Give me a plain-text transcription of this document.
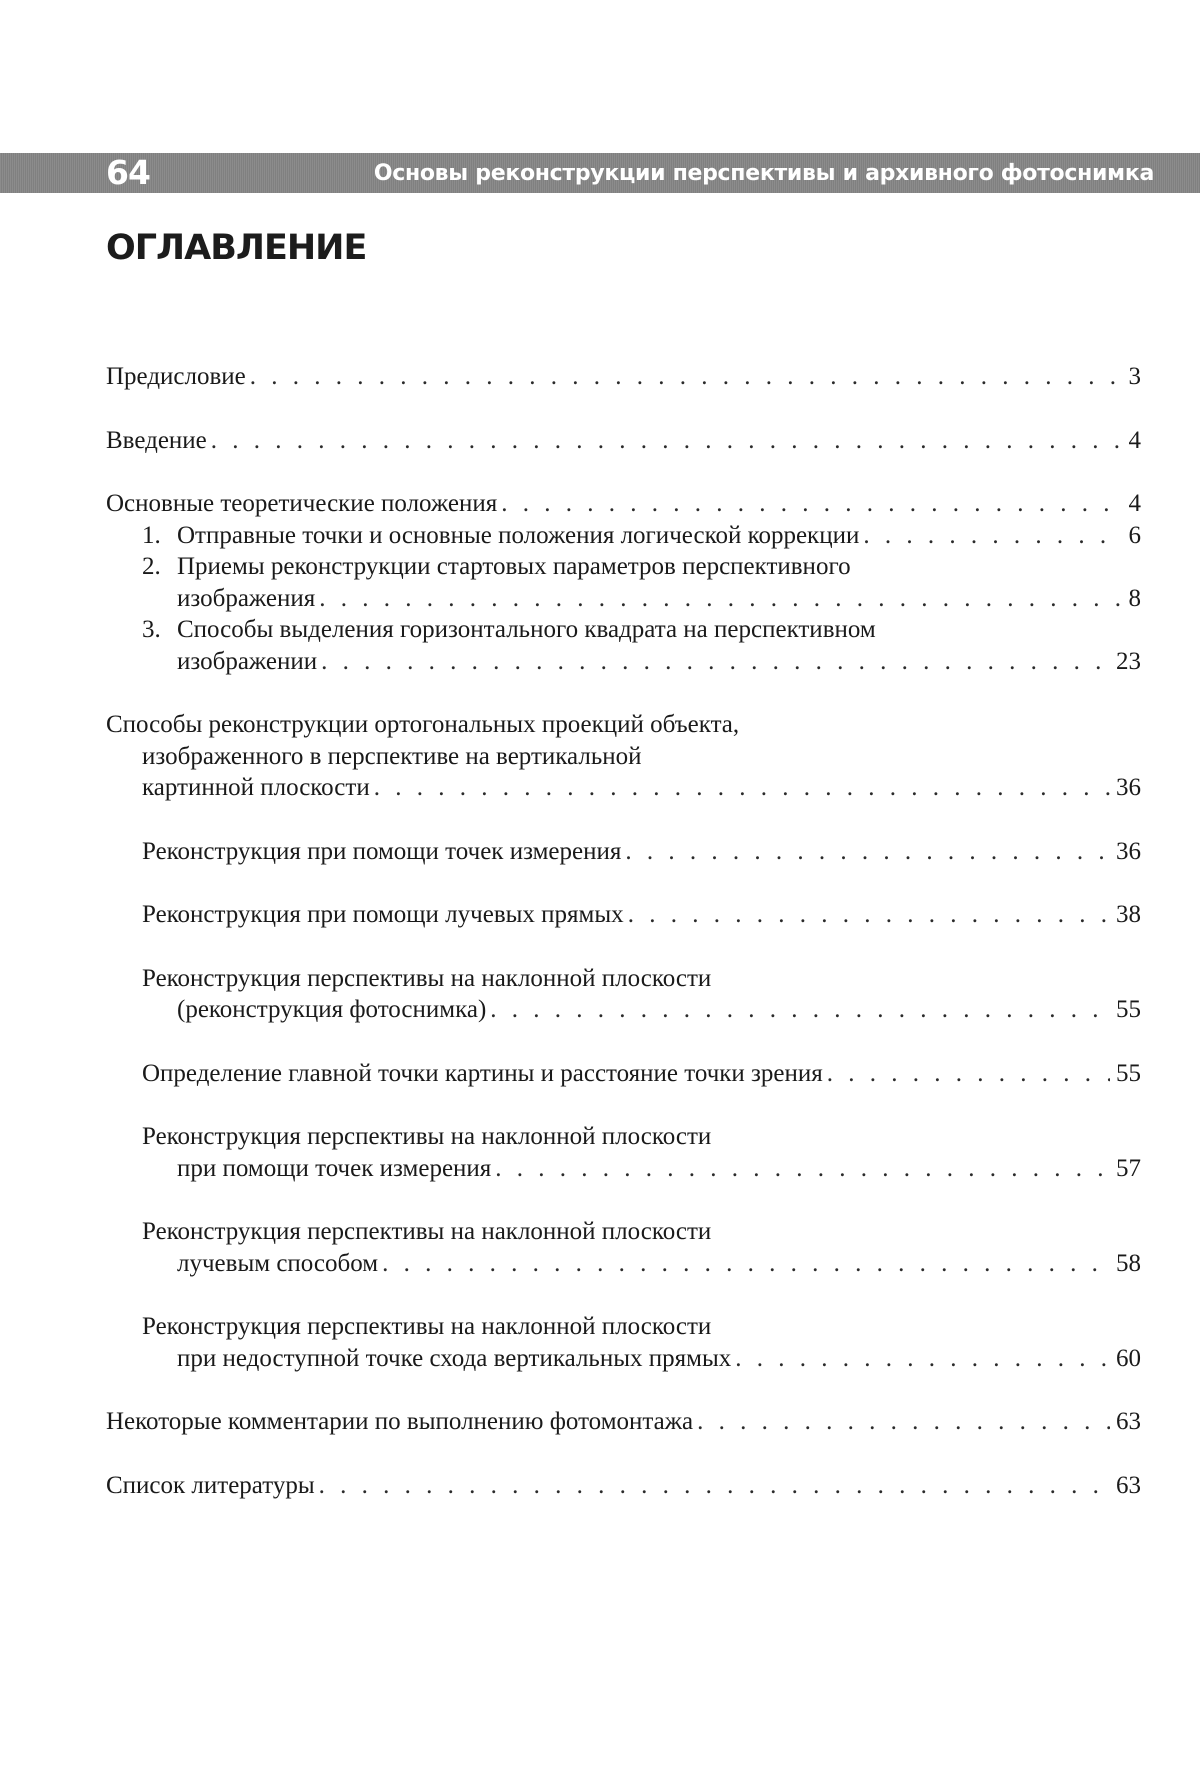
64	Основы реконструкции перспективы и архивного фотоснимка
ОГЛАВЛЕНИЕ
Предисловие . . .	3
Введение . . .	4
Основные теоретические положения . . .	4
1. Отправные точки и основные положения логической коррекции . . .	6
2. Приемы реконструкции стартовых параметров перспективного
изображения . . .	8
3. Способы выделения горизонтального квадрата на перспективном
изображении . . .	23
Способы реконструкции ортогональных проекций объекта,
изображенного в перспективе на вертикальной
картинной плоскости . . .	36
Реконструкция при помощи точек измерения . . .	36
Реконструкция при помощи лучевых прямых . . .	38
Реконструкция перспективы на наклонной плоскости
(реконструкция фотоснимка) . . .	55
Определение главной точки картины и расстояние точки зрения . . .	55
Реконструкция перспективы на наклонной плоскости
при помощи точек измерения . . .	57
Реконструкция перспективы на наклонной плоскости
лучевым способом . . .	58
Реконструкция перспективы на наклонной плоскости
при недоступной точке схода вертикальных прямых . . .	60
Некоторые комментарии по выполнению фотомонтажа . . .	63
Список литературы . . .	63
